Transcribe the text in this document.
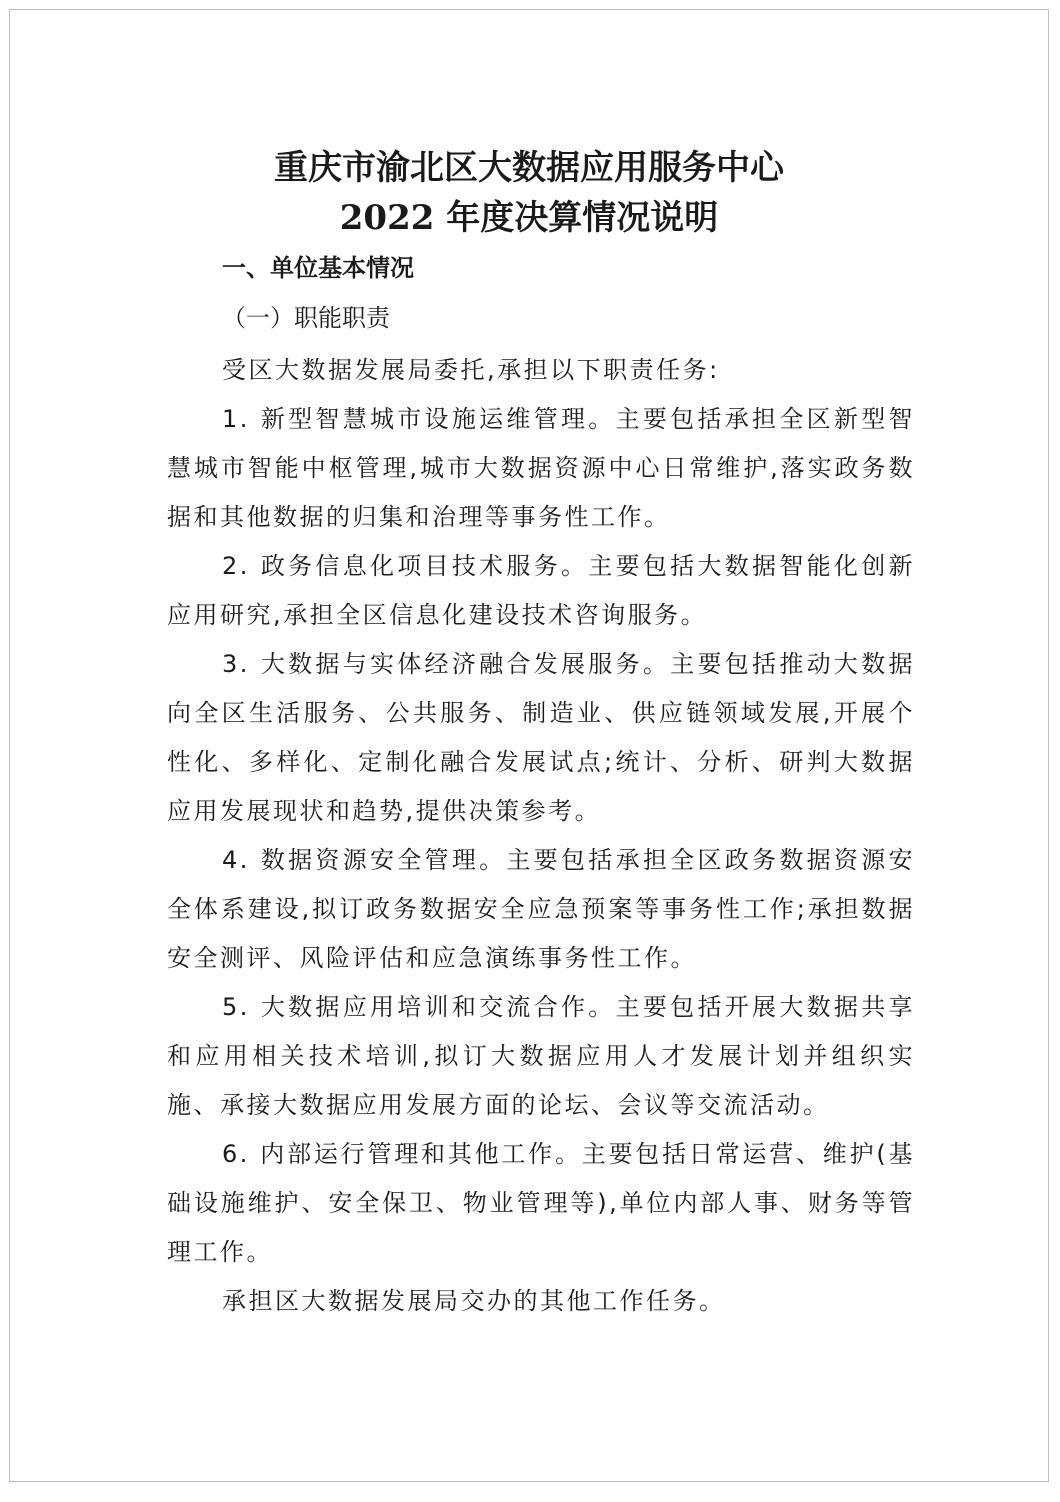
重庆市渝北区大数据应用服务中心
2022 年度决算情况说明
一、单位基本情况
（一）职能职责

受区大数据发展局委托,承担以下职责任务:

1. 新型智慧城市设施运维管理。主要包括承担全区新型智慧城市智能中枢管理,城市大数据资源中心日常维护,落实政务数据和其他数据的归集和治理等事务性工作。

2. 政务信息化项目技术服务。主要包括大数据智能化创新应用研究,承担全区信息化建设技术咨询服务。

3. 大数据与实体经济融合发展服务。主要包括推动大数据向全区生活服务、公共服务、制造业、供应链领域发展,开展个性化、多样化、定制化融合发展试点;统计、分析、研判大数据应用发展现状和趋势,提供决策参考。

4. 数据资源安全管理。主要包括承担全区政务数据资源安全体系建设,拟订政务数据安全应急预案等事务性工作;承担数据安全测评、风险评估和应急演练事务性工作。

5. 大数据应用培训和交流合作。主要包括开展大数据共享和应用相关技术培训,拟订大数据应用人才发展计划并组织实施、承接大数据应用发展方面的论坛、会议等交流活动。

6. 内部运行管理和其他工作。主要包括日常运营、维护(基础设施维护、安全保卫、物业管理等),单位内部人事、财务等管理工作。

承担区大数据发展局交办的其他工作任务。
